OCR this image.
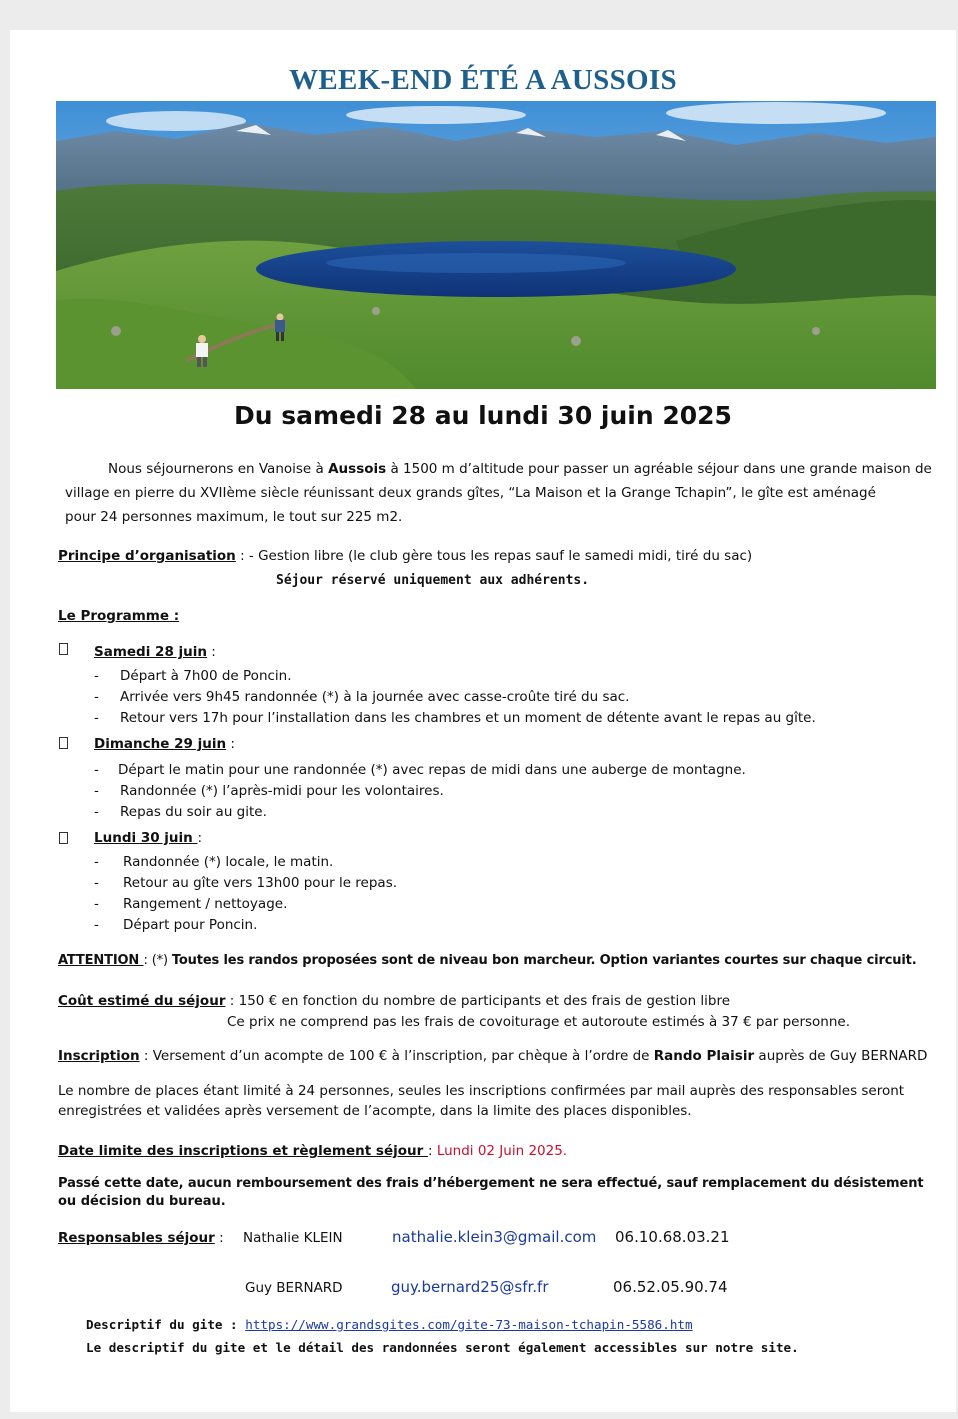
WEEK-END ÉTÉ A AUSSOIS
Du samedi 28 au lundi 30 juin 2025
Nous séjournerons en Vanoise à Aussois à 1500 m d’altitude pour passer un agréable séjour dans une grande maison de
village en pierre du XVIIème siècle réunissant deux grands gîtes, “La Maison et la Grange Tchapin”, le gîte est aménagé
pour 24 personnes maximum, le tout sur 225 m2.
Principe d’organisation : - Gestion libre (le club gère tous les repas sauf le samedi midi, tiré du sac)
Séjour réservé uniquement aux adhérents.
Le Programme :
Samedi 28 juin :
- Départ à 7h00 de Poncin.
- Arrivée vers 9h45 randonnée (*) à la journée avec casse-croûte tiré du sac.
- Retour vers 17h pour l’installation dans les chambres et un moment de détente avant le repas au gîte.
Dimanche 29 juin :
- Départ le matin pour une randonnée (*) avec repas de midi dans une auberge de montagne.
- Randonnée (*) l’après-midi pour les volontaires.
- Repas du soir au gite.
Lundi 30 juin :
- Randonnée (*) locale, le matin.
- Retour au gîte vers 13h00 pour le repas.
- Rangement / nettoyage.
- Départ pour Poncin.
ATTENTION : (*) Toutes les randos proposées sont de niveau bon marcheur. Option variantes courtes sur chaque circuit.
Coût estimé du séjour : 150 € en fonction du nombre de participants et des frais de gestion libre
Ce prix ne comprend pas les frais de covoiturage et autoroute estimés à 37 € par personne.
Inscription : Versement d’un acompte de 100 € à l’inscription, par chèque à l’ordre de Rando Plaisir auprès de Guy BERNARD
Le nombre de places étant limité à 24 personnes, seules les inscriptions confirmées par mail auprès des responsables seront
enregistrées et validées après versement de l’acompte, dans la limite des places disponibles.
Date limite des inscriptions et règlement séjour : Lundi 02 Juin 2025.
Passé cette date, aucun remboursement des frais d’hébergement ne sera effectué, sauf remplacement du désistement
ou décision du bureau.
Responsables séjour : Nathalie KLEIN	nathalie.klein3@gmail.com 06.10.68.03.21
Guy BERNARD	guy.bernard25@sfr.fr	06.52.05.90.74
Descriptif du gite : https://www.grandsgites.com/gite-73-maison-tchapin-5586.htm
Le descriptif du gite et le détail des randonnées seront également accessibles sur notre site.
